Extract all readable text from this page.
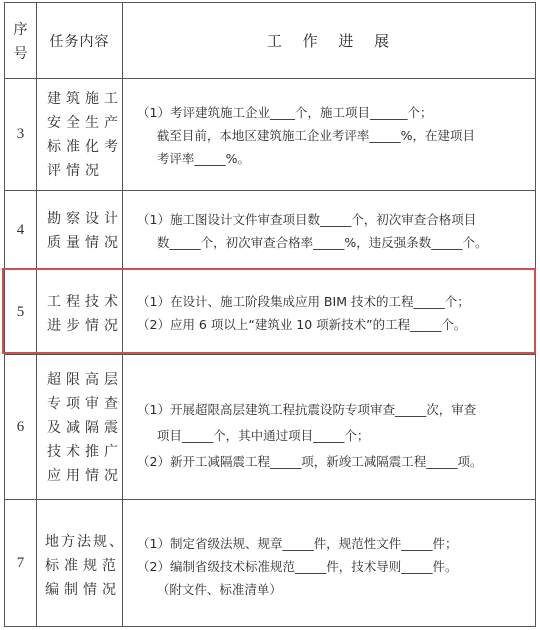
序号
任务内容	工 作 进 展
3
建筑施工
安全生产
标准化考
评情况
（1）考评建筑施工企业____个，施工项目______个；
截至目前，本地区建筑施工企业考评率_____%，在建项目
考评率_____%。
4
勘察设计
质量情况
（1）施工图设计文件审查项目数_____个，初次审查合格项目
数_____个，初次审查合格率_____%，违反强条数_____个。
5
工程技术
进步情况
（1）在设计、施工阶段集成应用 BIM 技术的工程_____个；
（2）应用 6 项以上“建筑业 10 项新技术”的工程_____个。
6
超限高层
专项审查
及减隔震
技术推广
应用情况
（1）开展超限高层建筑工程抗震设防专项审查_____次，审查
项目_____个，其中通过项目_____个；
（2）新开工减隔震工程_____项，新竣工减隔震工程_____项。
7
地方法规、
标准规范
编制情况
（1）制定省级法规、规章_____件，规范性文件_____件；
（2）编制省级技术标准规范_____件，技术导则_____件。
（附文件、标准清单）
